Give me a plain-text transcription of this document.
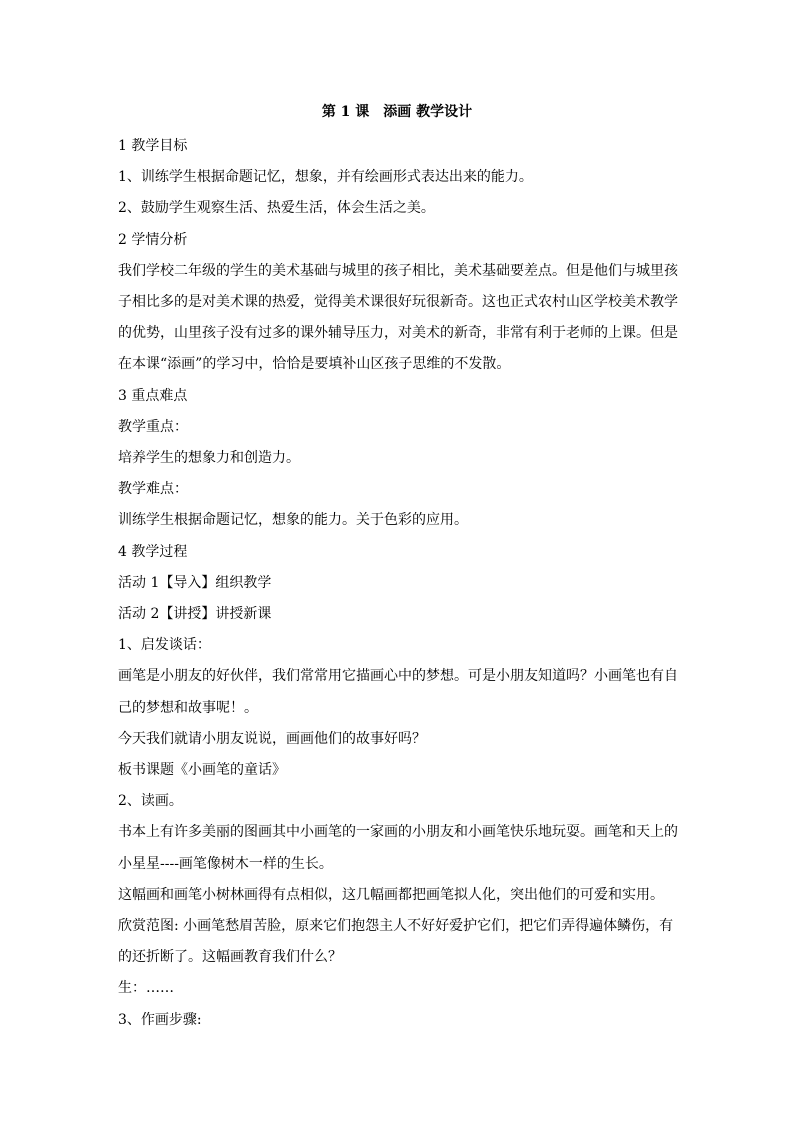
第 1 课　添画 教学设计
1 教学目标
1、训练学生根据命题记忆，想象，并有绘画形式表达出来的能力。
2、鼓励学生观察生活、热爱生活，体会生活之美。
2 学情分析
我们学校二年级的学生的美术基础与城里的孩子相比，美术基础要差点。但是他们与城里孩
子相比多的是对美术课的热爱，觉得美术课很好玩很新奇。这也正式农村山区学校美术教学
的优势，山里孩子没有过多的课外辅导压力，对美术的新奇，非常有利于老师的上课。但是
在本课“添画”的学习中，恰恰是要填补山区孩子思维的不发散。
3 重点难点
教学重点：
培养学生的想象力和创造力。
教学难点：
训练学生根据命题记忆，想象的能力。关于色彩的应用。
4 教学过程
活动 1【导入】组织教学
活动 2【讲授】讲授新课
1、启发谈话：
画笔是小朋友的好伙伴，我们常常用它描画心中的梦想。可是小朋友知道吗？小画笔也有自
己的梦想和故事呢！。
今天我们就请小朋友说说，画画他们的故事好吗？
板书课题《小画笔的童话》
2、读画。
书本上有许多美丽的图画其中小画笔的一家画的小朋友和小画笔快乐地玩耍。画笔和天上的
小星星----画笔像树木一样的生长。
这幅画和画笔小树林画得有点相似，这几幅画都把画笔拟人化，突出他们的可爱和实用。
欣赏范图: 小画笔愁眉苦脸，原来它们抱怨主人不好好爱护它们，把它们弄得遍体鳞伤，有
的还折断了。这幅画教育我们什么？
生：……
3、作画步骤:
